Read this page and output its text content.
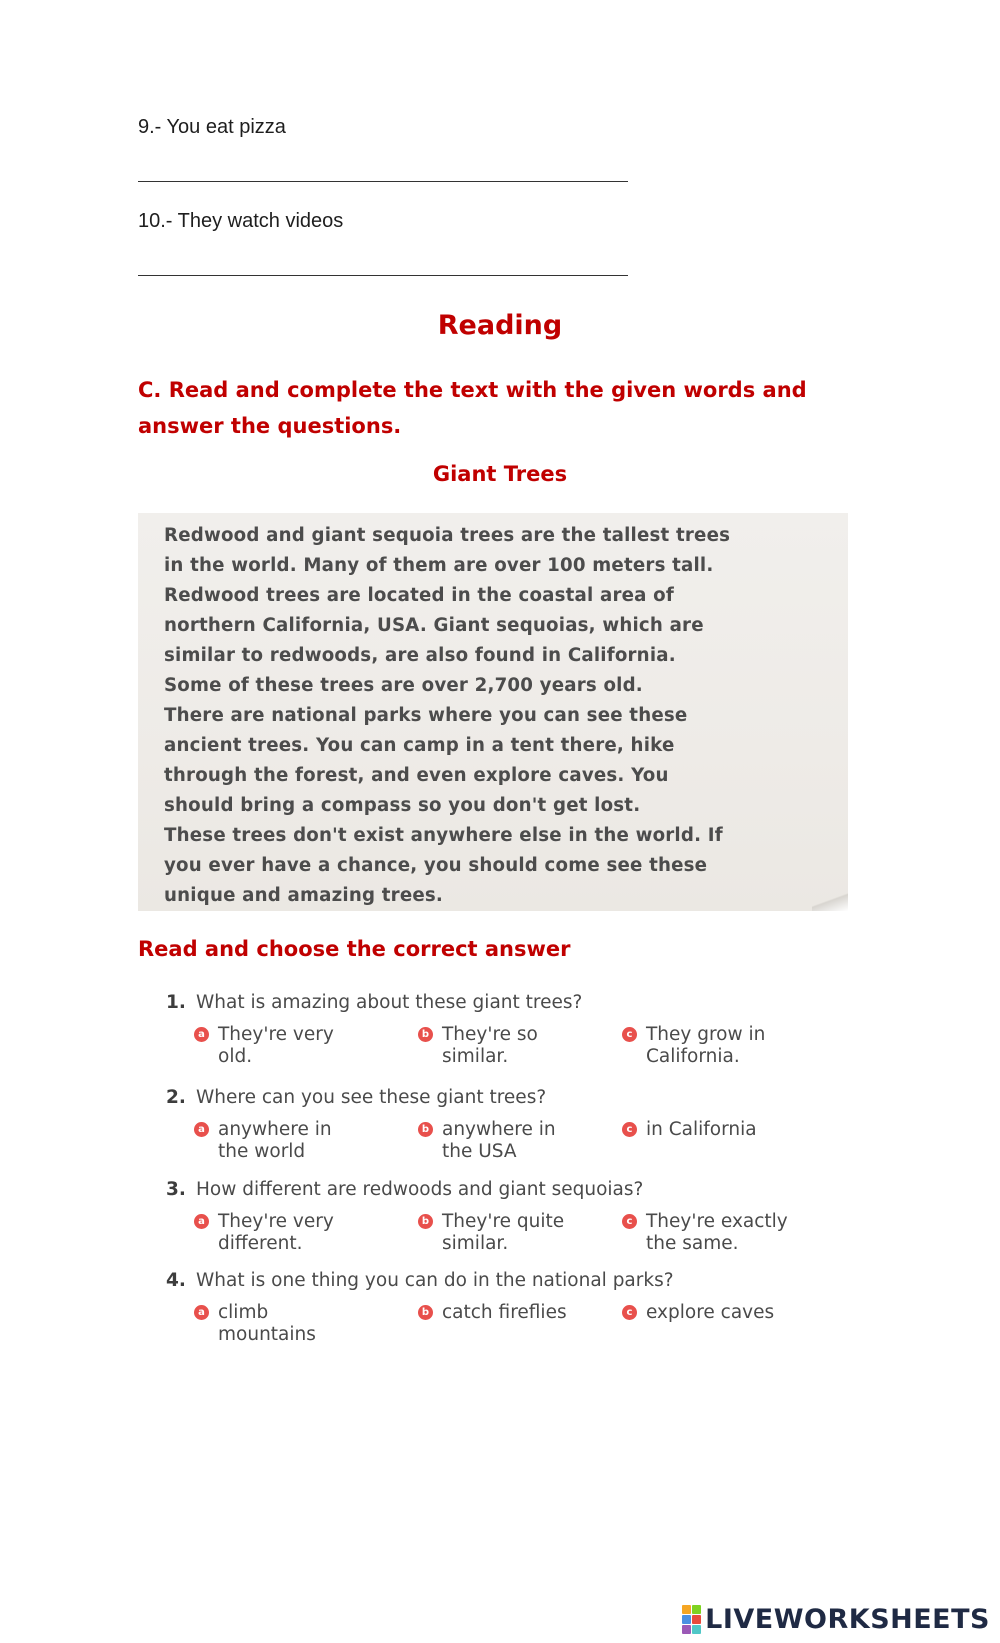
9.- You eat pizza
10.- They watch videos
Reading
C. Read and complete the text with the given words and answer the questions.
Giant Trees
Redwood and giant sequoia trees are the tallest trees
in the world. Many of them are over 100 meters tall.
Redwood trees are located in the coastal area of
northern California, USA. Giant sequoias, which are
similar to redwoods, are also found in California.
Some of these trees are over 2,700 years old.
There are national parks where you can see these
ancient trees. You can camp in a tent there, hike
through the forest, and even explore caves. You
should bring a compass so you don't get lost.
These trees don't exist anywhere else in the world. If
you ever have a chance, you should come see these
unique and amazing trees.
Read and choose the correct answer
1. What is amazing about these giant trees?
a They're very old.
b They're so similar.
c They grow in California.
2. Where can you see these giant trees?
a anywhere in the world
b anywhere in the USA
c in California
3. How different are redwoods and giant sequoias?
a They're very different.
b They're quite similar.
c They're exactly the same.
4. What is one thing you can do in the national parks?
a climb mountains
b catch fireflies	c explore caves
LIVEWORKSHEETS
